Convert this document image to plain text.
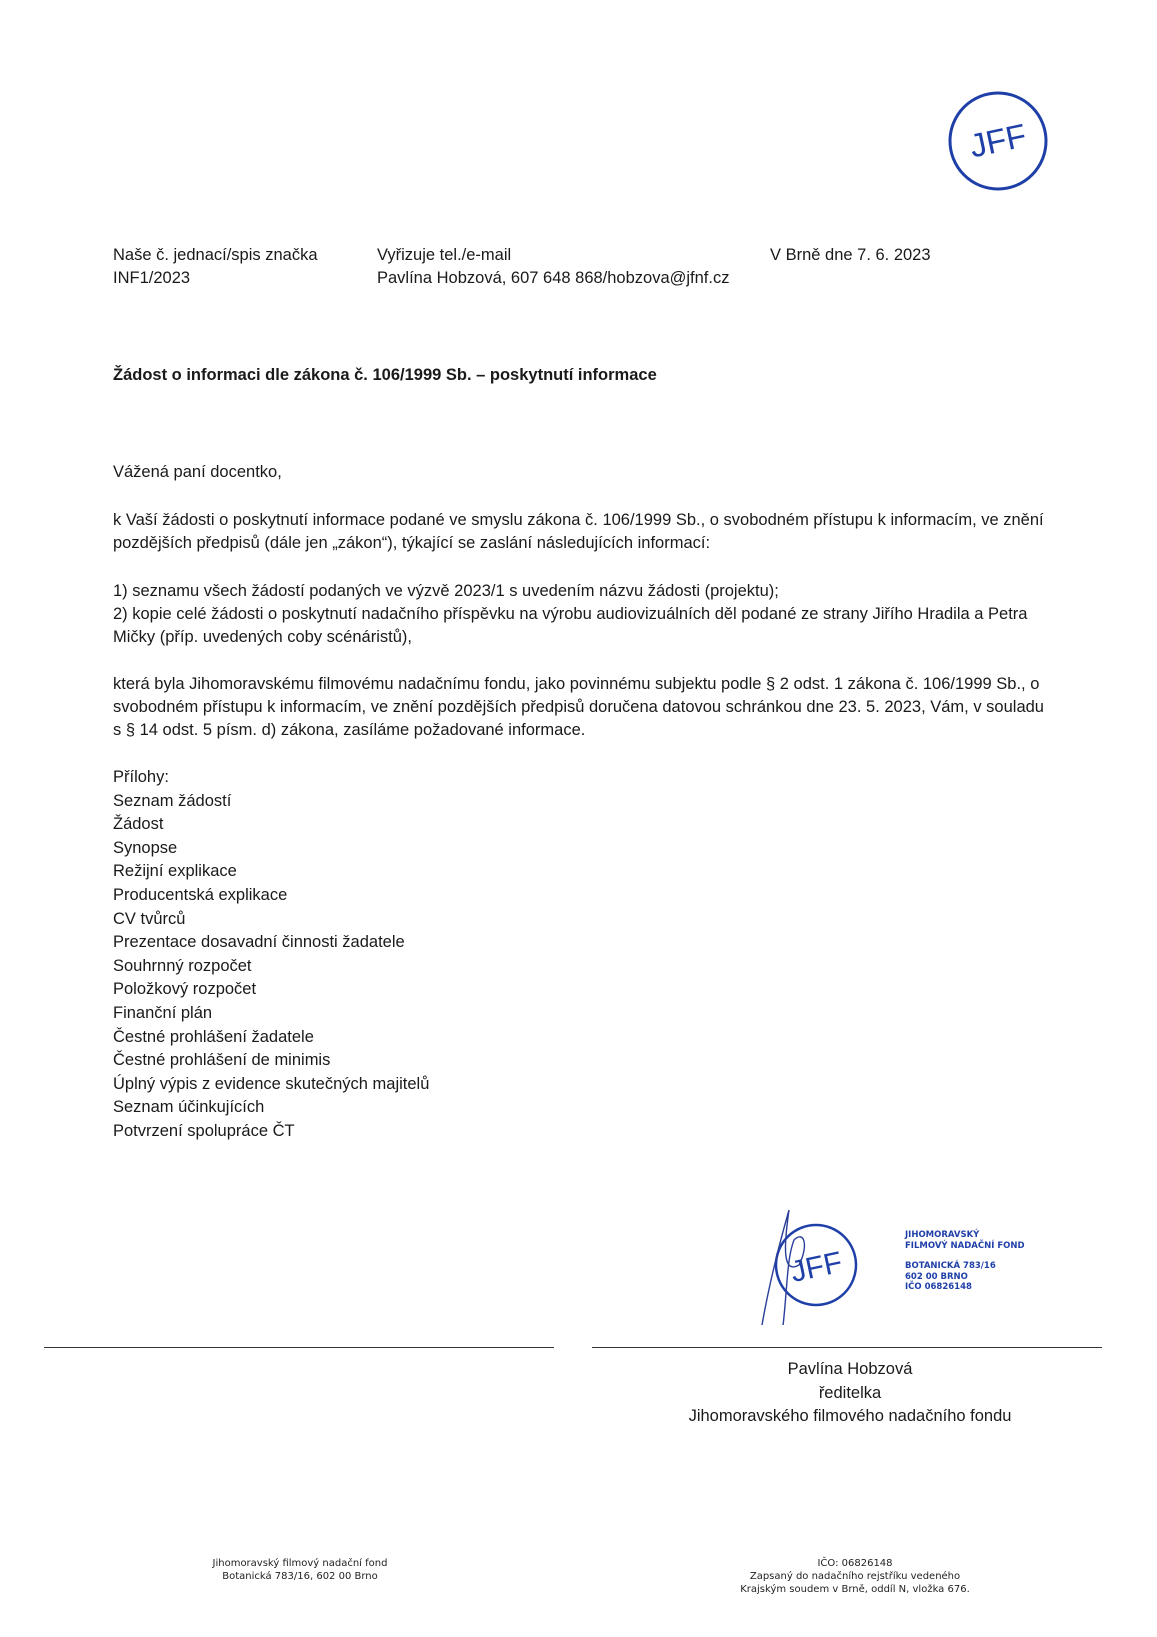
JFF
Naše č. jednací/spis značka
INF1/2023
Vyřizuje tel./e-mail
Pavlína Hobzová, 607 648 868/hobzova@jfnf.cz
V Brně dne 7. 6. 2023
Žádost o informaci dle zákona č. 106/1999 Sb. – poskytnutí informace
Vážená paní docentko,
k Vaší žádosti o poskytnutí informace podané ve smyslu zákona č. 106/1999 Sb., o svobodném přístupu k informacím, ve znění pozdějších předpisů (dále jen „zákon“), týkající se zaslání následujících informací:
1) seznamu všech žádostí podaných ve výzvě 2023/1 s uvedením názvu žádosti (projektu);
2) kopie celé žádosti o poskytnutí nadačního příspěvku na výrobu audiovizuálních děl podané ze strany Jiřího Hradila a Petra Mičky (příp. uvedených coby scénáristů),
která byla Jihomoravskému filmovému nadačnímu fondu, jako povinnému subjektu podle § 2 odst. 1 zákona č. 106/1999 Sb., o svobodném přístupu k informacím, ve znění pozdějších předpisů doručena datovou schránkou dne 23. 5. 2023, Vám, v souladu s § 14 odst. 5 písm. d) zákona, zasíláme požadované informace.
Přílohy:
Seznam žádostí
Žádost
Synopse
Režijní explikace
Producentská explikace
CV tvůrců
Prezentace dosavadní činnosti žadatele
Souhrnný rozpočet
Položkový rozpočet
Finanční plán
Čestné prohlášení žadatele
Čestné prohlášení de minimis
Úplný výpis z evidence skutečných majitelů
Seznam účinkujících
Potvrzení spolupráce ČT
JFF
JIHOMORAVSKÝ
FILMOVÝ NADAČNÍ FOND
BOTANICKÁ 783/16
602 00 BRNO
IČO 06826148
Pavlína Hobzová
ředitelka
Jihomoravského filmového nadačního fondu
Jihomoravský filmový nadační fond
Botanická 783/16, 602 00 Brno
IČO: 06826148
Zapsaný do nadačního rejstříku vedeného
Krajským soudem v Brně, oddíl N, vložka 676.
